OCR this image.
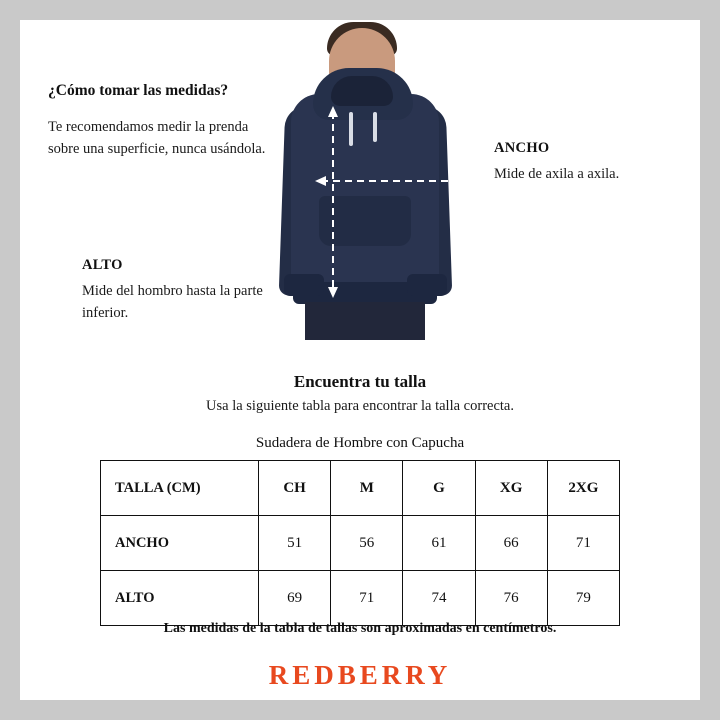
¿Cómo tomar las medidas?
Te recomendamos medir la prenda sobre una superficie, nunca usándola.
ALTO
Mide del hombro hasta la parte inferior.
ANCHO
Mide de axila a axila.
Encuentra tu talla
Usa la siguiente tabla para encontrar la talla correcta.
Sudadera de Hombre con Capucha
TALLA (CM)	CH	M	G	XG	2XG
ANCHO	51	56	61	66	71
ALTO	69	71	74	76	79
Las medidas de la tabla de tallas son aproximadas en centímetros.
REDBERRY
